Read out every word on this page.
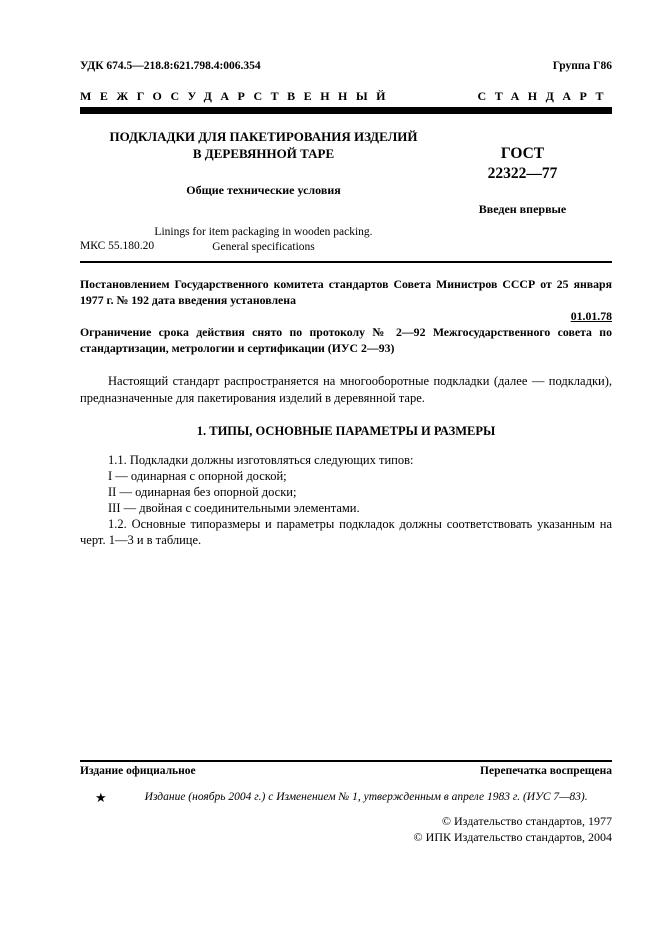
УДК 674.5—218.8:621.798.4:006.354	Группа Г86
МЕЖГОСУДАРСТВЕННЫЙ СТАНДАРТ
ПОДКЛАДКИ ДЛЯ ПАКЕТИРОВАНИЯ ИЗДЕЛИЙ
В ДЕРЕВЯННОЙ ТАРЕ
Общие технические условия
Linings for item packaging in wooden packing.
General specifications
ГОСТ
22322—77
Введен впервые
МКС 55.180.20
Постановлением Государственного комитета стандартов Совета Министров СССР от 25 января 1977 г. № 192 дата введения установлена
01.01.78
Ограничение срока действия снято по протоколу № 2—92 Межгосударственного совета по стандартизации, метрологии и сертификации (ИУС 2—93)
Настоящий стандарт распространяется на многооборотные подкладки (далее — подкладки), предназначенные для пакетирования изделий в деревянной таре.
1. ТИПЫ, ОСНОВНЫЕ ПАРАМЕТРЫ И РАЗМЕРЫ
1.1. Подкладки должны изготовляться следующих типов:
I — одинарная с опорной доской;
II — одинарная без опорной доски;
III — двойная с соединительными элементами.
1.2. Основные типоразмеры и параметры подкладок должны соответствовать указанным на черт. 1—3 и в таблице.
Издание официальное	Перепечатка воспрещена
★	Издание (ноябрь 2004 г.) с Изменением № 1, утвержденным в апреле 1983 г. (ИУС 7—83).
© Издательство стандартов, 1977
© ИПК Издательство стандартов, 2004
